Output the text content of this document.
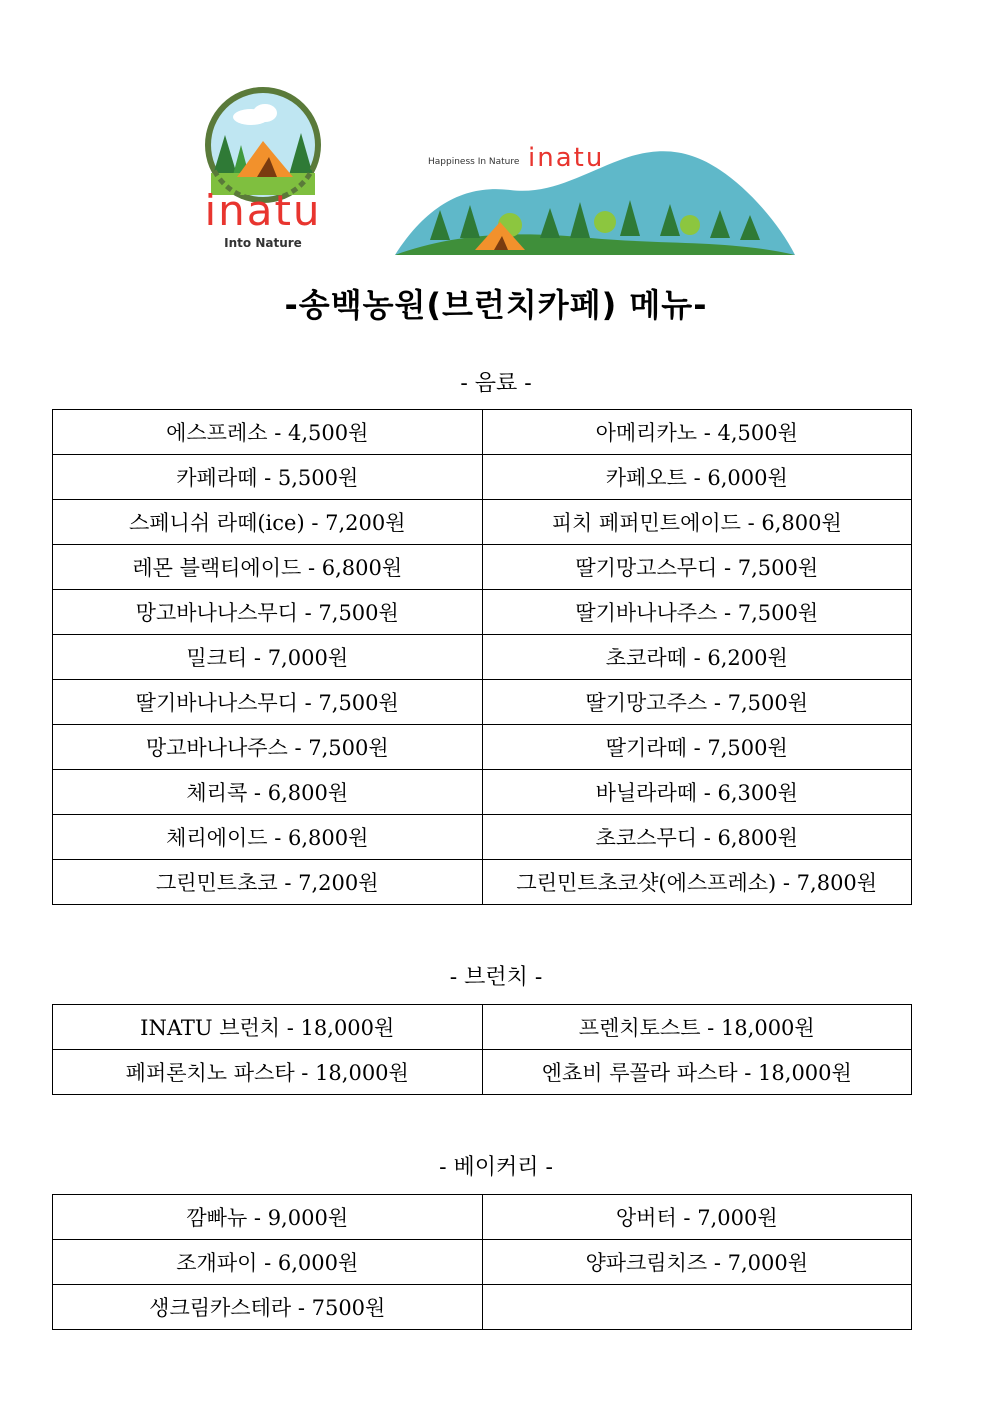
inatu
Into Nature
Happiness In Nature inatu
-송백농원(브런치카페) 메뉴-
- 음료 -
에스프레소 - 4,500원	아메리카노 - 4,500원
카페라떼 - 5,500원	카페오트 - 6,000원
스페니쉬 라떼(ice) - 7,200원	피치 페퍼민트에이드 - 6,800원
레몬 블랙티에이드 - 6,800원	딸기망고스무디 - 7,500원
망고바나나스무디 - 7,500원	딸기바나나주스 - 7,500원
밀크티 - 7,000원	초코라떼 - 6,200원
딸기바나나스무디 - 7,500원	딸기망고주스 - 7,500원
망고바나나주스 - 7,500원	딸기라떼 - 7,500원
체리콕 - 6,800원	바닐라라떼 - 6,300원
체리에이드 - 6,800원	초코스무디 - 6,800원
그린민트초코 - 7,200원	그린민트초코샷(에스프레소) - 7,800원
- 브런치 -
INATU 브런치 - 18,000원	프렌치토스트 - 18,000원
페퍼론치노 파스타 - 18,000원	엔쵸비 루꼴라 파스타 - 18,000원
- 베이커리 -
깜빠뉴 - 9,000원	앙버터 - 7,000원
조개파이 - 6,000원	양파크림치즈 - 7,000원
생크림카스테라 - 7500원	
